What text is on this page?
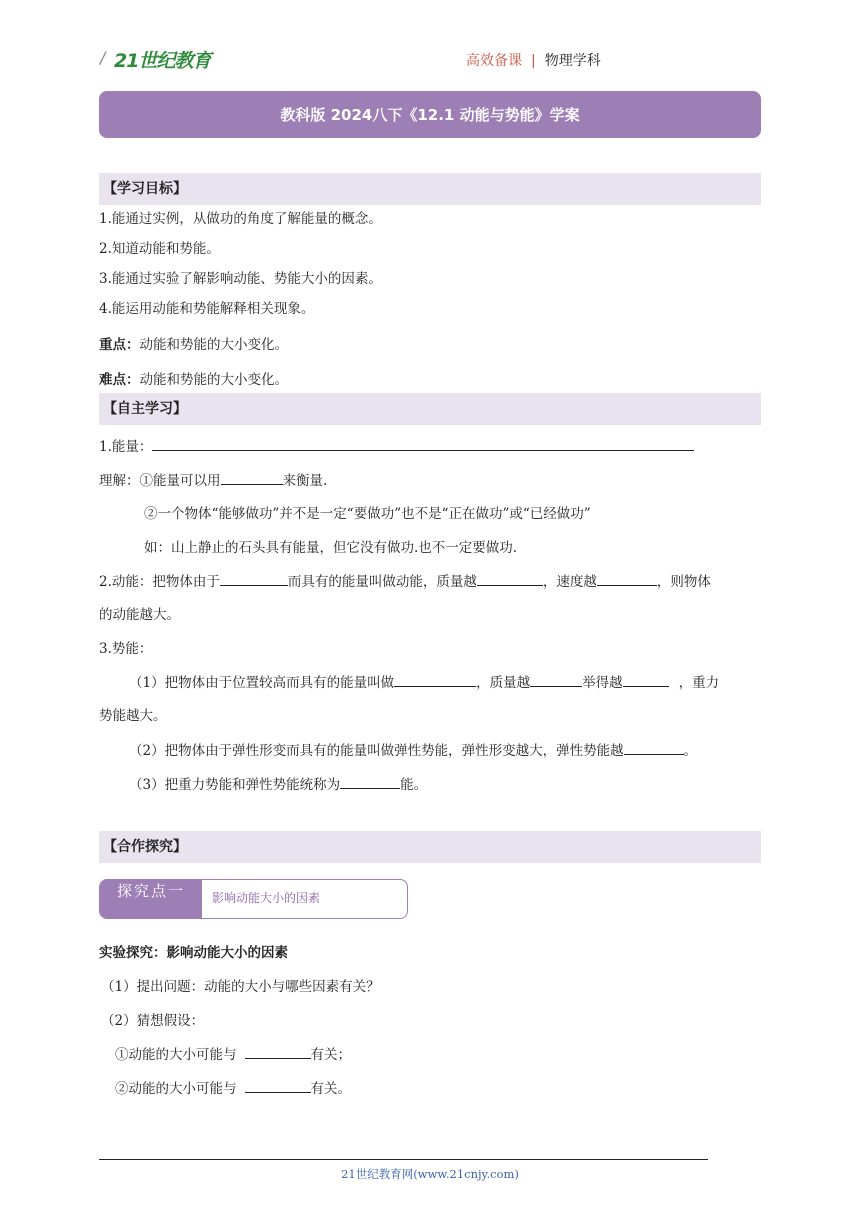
/ 21世纪教育	高效备课 | 物理学科
教科版 2024八下《12.1 动能与势能》学案
【学习目标】
1.能通过实例，从做功的角度了解能量的概念。
2.知道动能和势能。
3.能通过实验了解影响动能、势能大小的因素。
4.能运用动能和势能解释相关现象。
重点：动能和势能的大小变化。
难点：动能和势能的大小变化。
【自主学习】
1.能量：
理解：①能量可以用	来衡量.
②一个物体“能够做功”并不是一定“要做功”也不是“正在做功”或“已经做功”
如：山上静止的石头具有能量，但它没有做功.也不一定要做功.
2.动能：把物体由于	而具有的能量叫做动能，质量越	，速度越	，则物体
的动能越大。
3.势能：
（1）把物体由于位置较高而具有的能量叫做	，质量越	举得越	，重力
势能越大。
（2）把物体由于弹性形变而具有的能量叫做弹性势能，弹性形变越大，弹性势能越	。
（3）把重力势能和弹性势能统称为	能。
【合作探究】
探究点一	影响动能大小的因素
实验探究：影响动能大小的因素
（1）提出问题：动能的大小与哪些因素有关？
（2）猜想假设：
①动能的大小可能与	有关；
②动能的大小可能与	有关。
21世纪教育网(www.21cnjy.com)
